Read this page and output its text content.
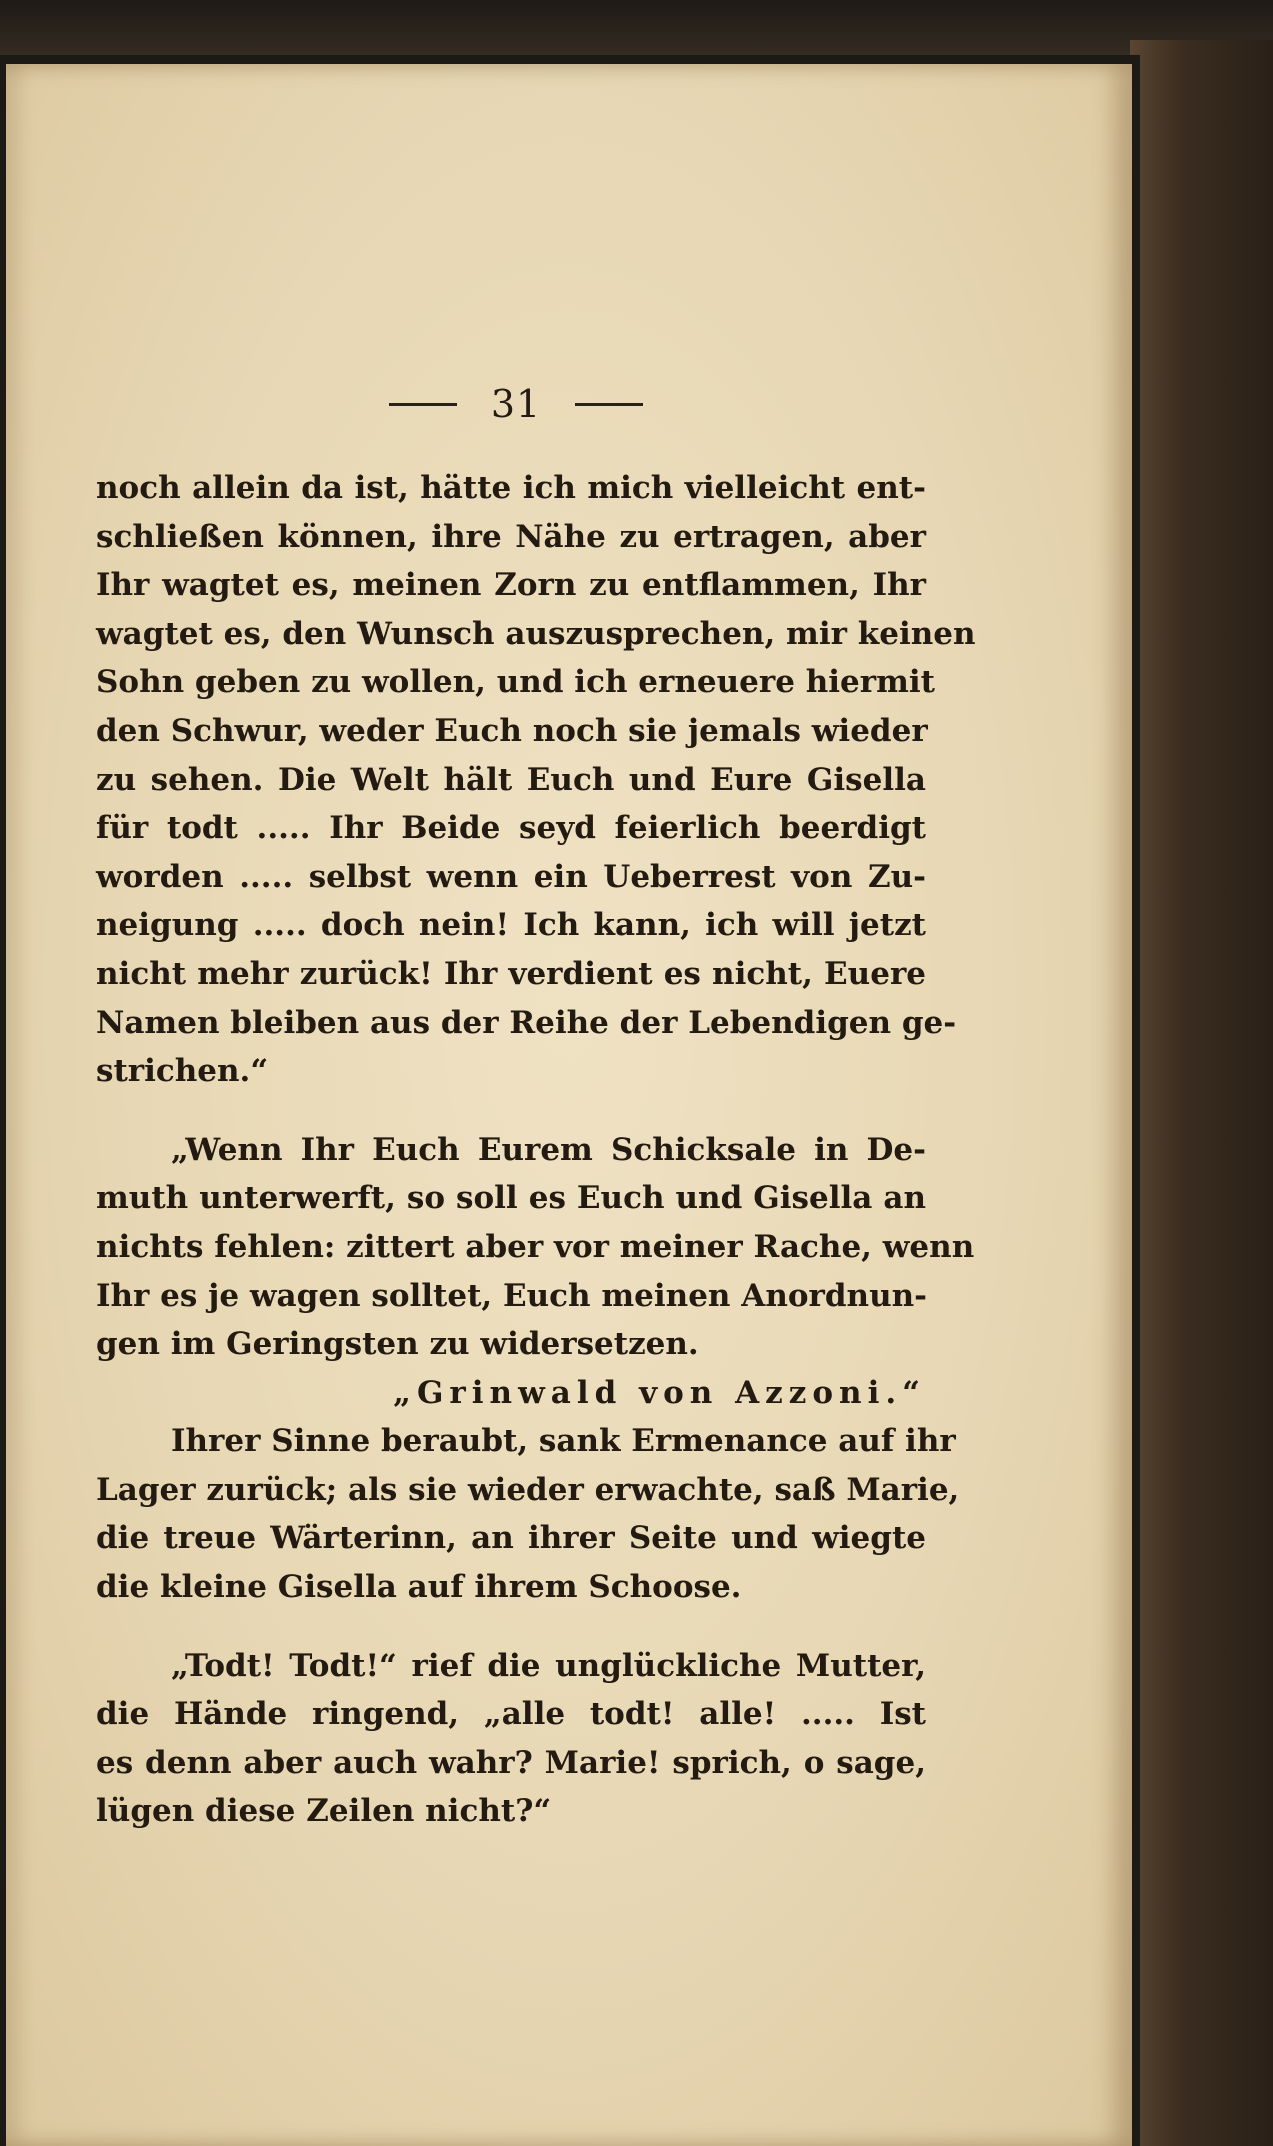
31
noch allein da ist, hätte ich mich vielleicht ent-
schließen können, ihre Nähe zu ertragen, aber
Ihr wagtet es, meinen Zorn zu entflammen, Ihr
wagtet es, den Wunsch auszusprechen, mir keinen
Sohn geben zu wollen, und ich erneuere hiermit
den Schwur, weder Euch noch sie jemals wieder
zu sehen. Die Welt hält Euch und Eure Gisella
für todt ..... Ihr Beide seyd feierlich beerdigt
worden ..... selbst wenn ein Ueberrest von Zu-
neigung ..... doch nein! Ich kann, ich will jetzt
nicht mehr zurück! Ihr verdient es nicht, Euere
Namen bleiben aus der Reihe der Lebendigen ge-
strichen.“
„Wenn Ihr Euch Eurem Schicksale in De-
muth unterwerft, so soll es Euch und Gisella an
nichts fehlen: zittert aber vor meiner Rache, wenn
Ihr es je wagen solltet, Euch meinen Anordnun-
gen im Geringsten zu widersetzen.
„Grinwald von Azzoni.“
Ihrer Sinne beraubt, sank Ermenance auf ihr
Lager zurück; als sie wieder erwachte, saß Marie,
die treue Wärterinn, an ihrer Seite und wiegte
die kleine Gisella auf ihrem Schoose.
„Todt! Todt!“ rief die unglückliche Mutter,
die Hände ringend, „alle todt! alle! ..... Ist
es denn aber auch wahr? Marie! sprich, o sage,
lügen diese Zeilen nicht?“
